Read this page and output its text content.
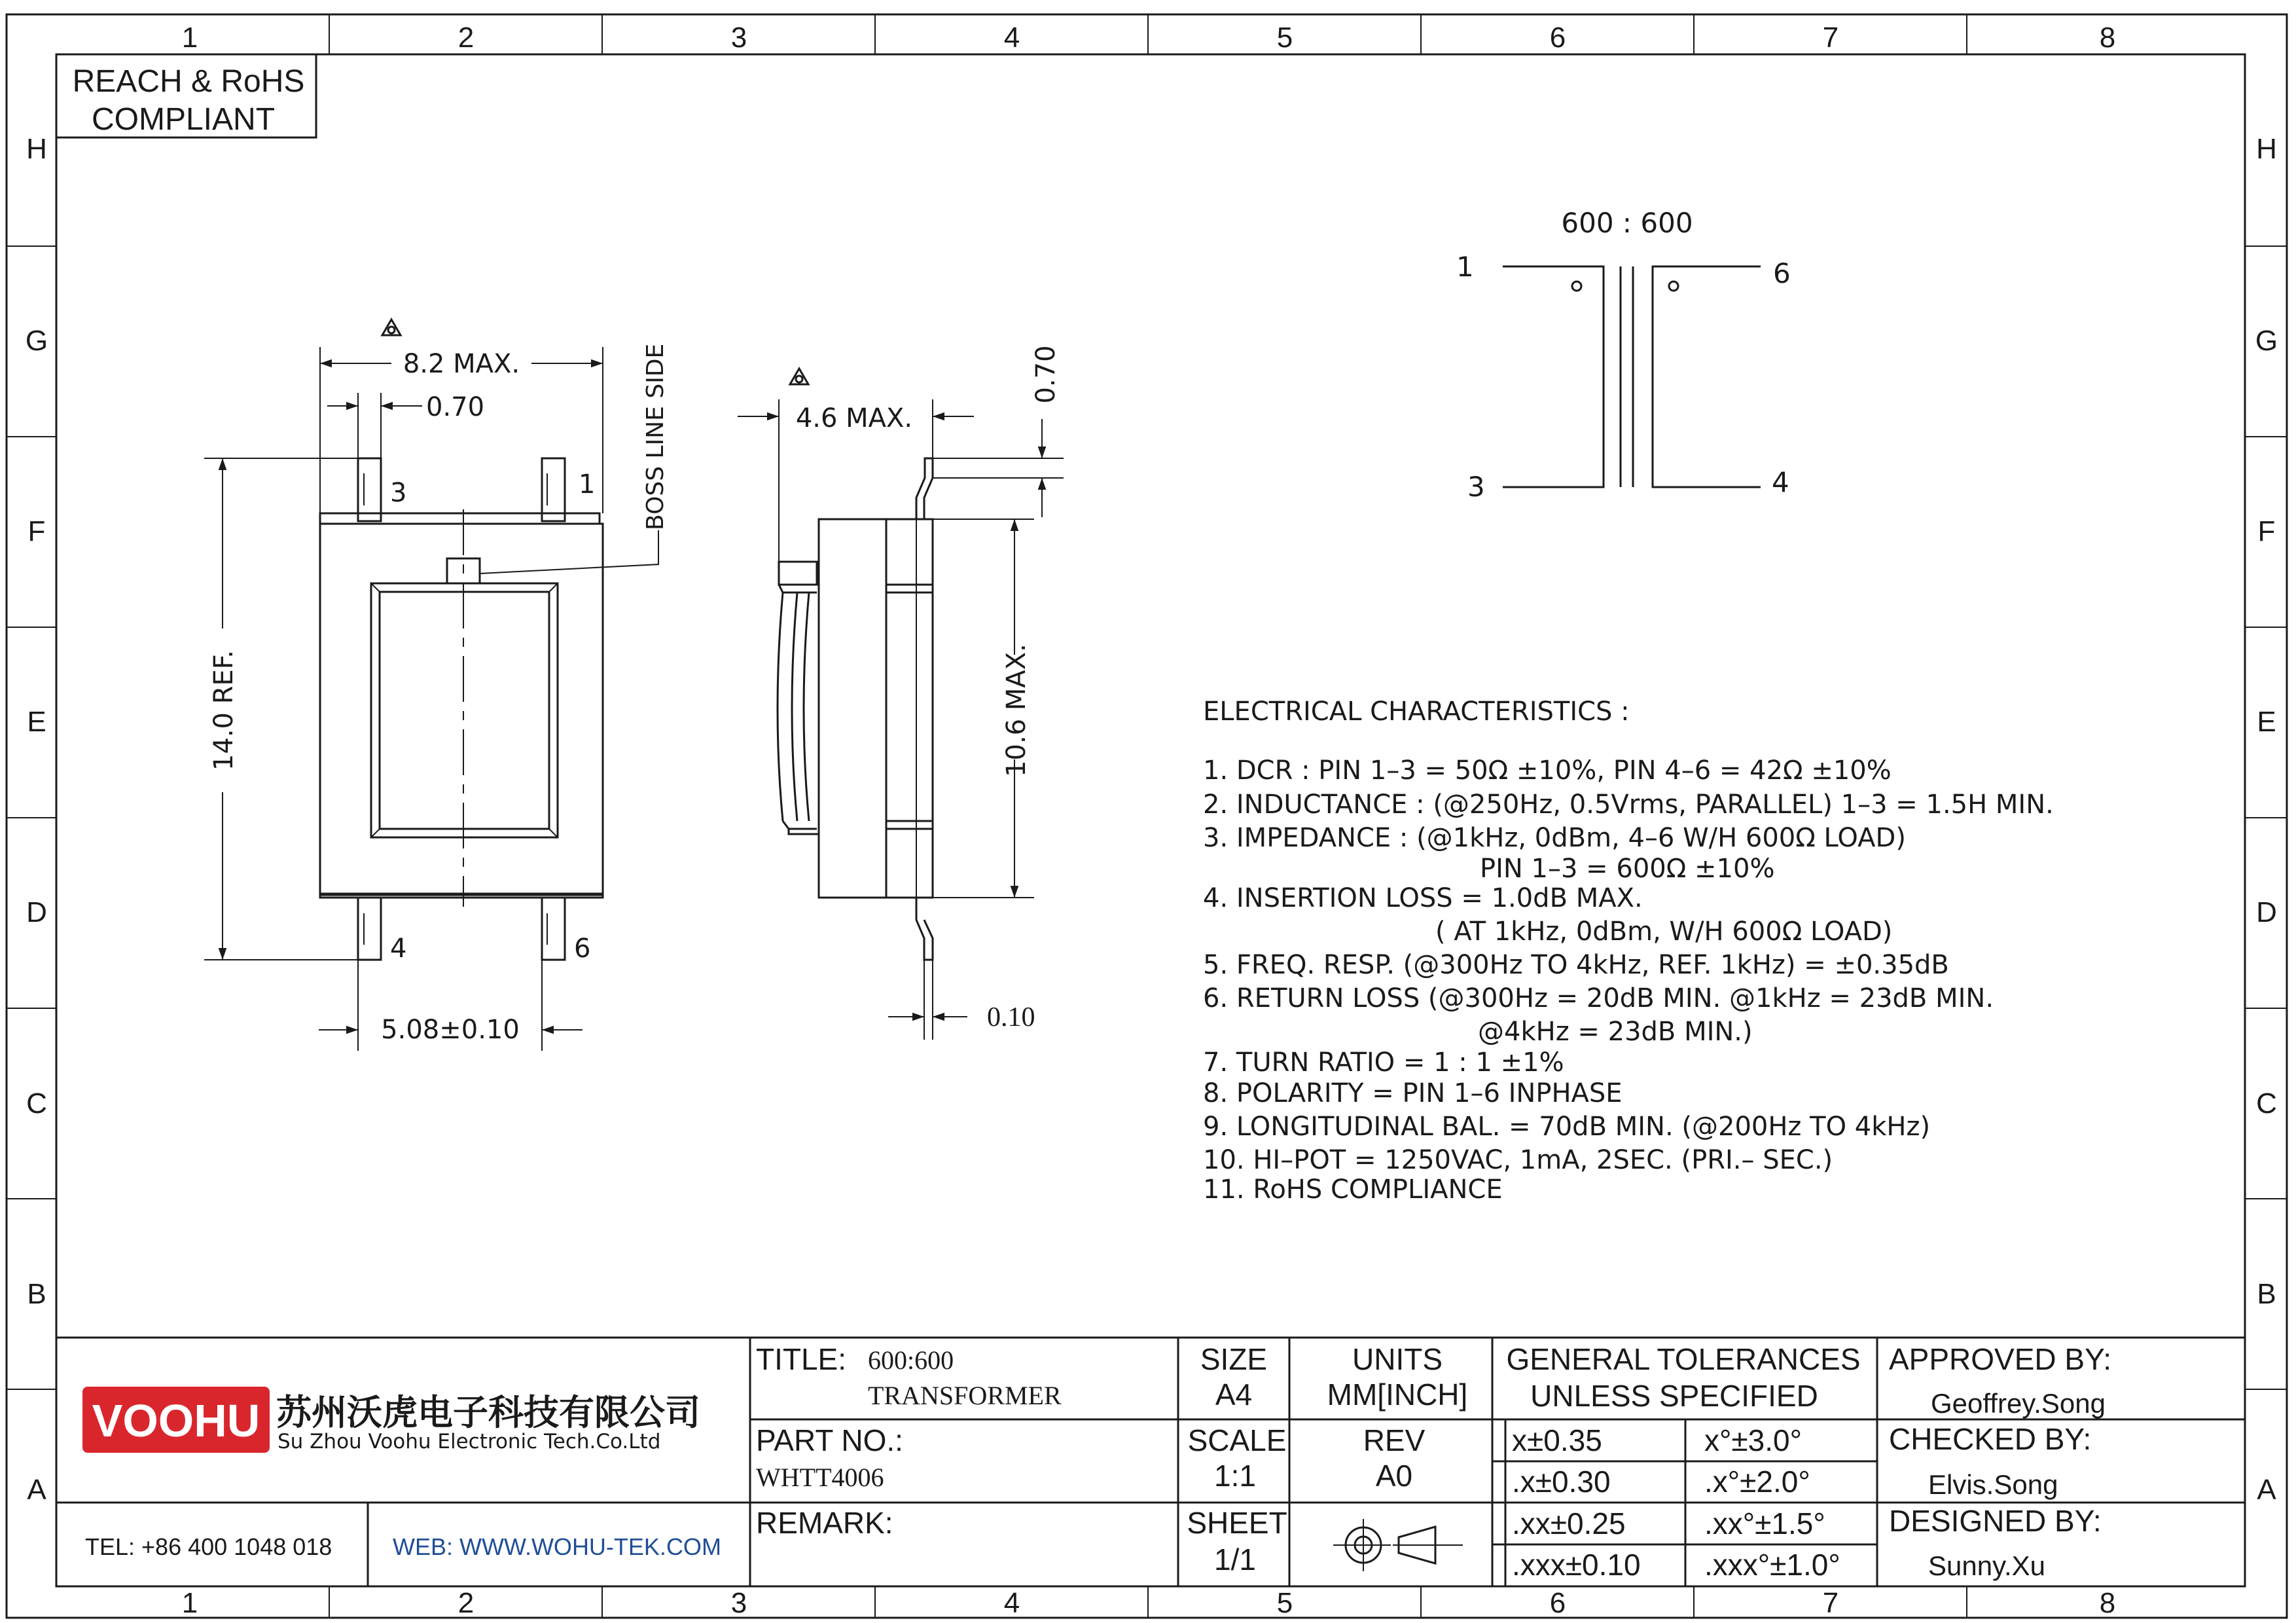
1	2	3	4	5	6	7	8
1	2	3	4	5	6	7	8
H
G
F
E
D
C
B
A
H
G
F
E
D
C
B
A
REACH & RoHS
COMPLIANT
BOSS LINE SIDE
3	1
4	6
8.2 MAX.
0.70
14.0 REF.
5.08±0.10
4.6 MAX.
0.70
10.6 MAX.
0.10
600 : 600
1	6
3	4
ELECTRICAL CHARACTERISTICS :
1. DCR : PIN 1–3 = 50Ω ±10%, PIN 4–6 = 42Ω ±10%
2. INDUCTANCE : (@250Hz, 0.5Vrms, PARALLEL) 1–3 = 1.5H MIN.
3. IMPEDANCE : (@1kHz, 0dBm, 4–6 W/H 600Ω LOAD)
PIN 1–3 = 600Ω ±10%
4. INSERTION LOSS = 1.0dB MAX.
( AT 1kHz, 0dBm, W/H 600Ω LOAD)
5. FREQ. RESP. (@300Hz TO 4kHz, REF. 1kHz) = ±0.35dB
6. RETURN LOSS (@300Hz = 20dB MIN. @1kHz = 23dB MIN.
@4kHz = 23dB MIN.)
7. TURN RATIO = 1 : 1 ±1%
8. POLARITY = PIN 1–6 INPHASE
9. LONGITUDINAL BAL. = 70dB MIN. (@200Hz TO 4kHz)
10. HI–POT = 1250VAC, 1mA, 2SEC. (PRI.– SEC.)
11. RoHS COMPLIANCE
VOOHU 苏州沃虎电子科技有限公司
Su Zhou Voohu Electronic Tech.Co.Ltd
TEL: +86 400 1048 018	WEB: WWW.WOHU-TEK.COM
TITLE: 600:600
TRANSFORMER
PART NO.:
WHTT4006
REMARK:
SIZE
A4
UNITS
MM[INCH]
SCALE
1:1
REV
A0
SHEET
1/1
GENERAL TOLERANCES
UNLESS SPECIFIED
x±0.35	x°±3.0°
.x±0.30	.x°±2.0°
.xx±0.25	.xx°±1.5°
.xxx±0.10 .xxx°±1.0°
APPROVED BY:
Geoffrey.Song
CHECKED BY:
Elvis.Song
DESIGNED BY:
Sunny.Xu
